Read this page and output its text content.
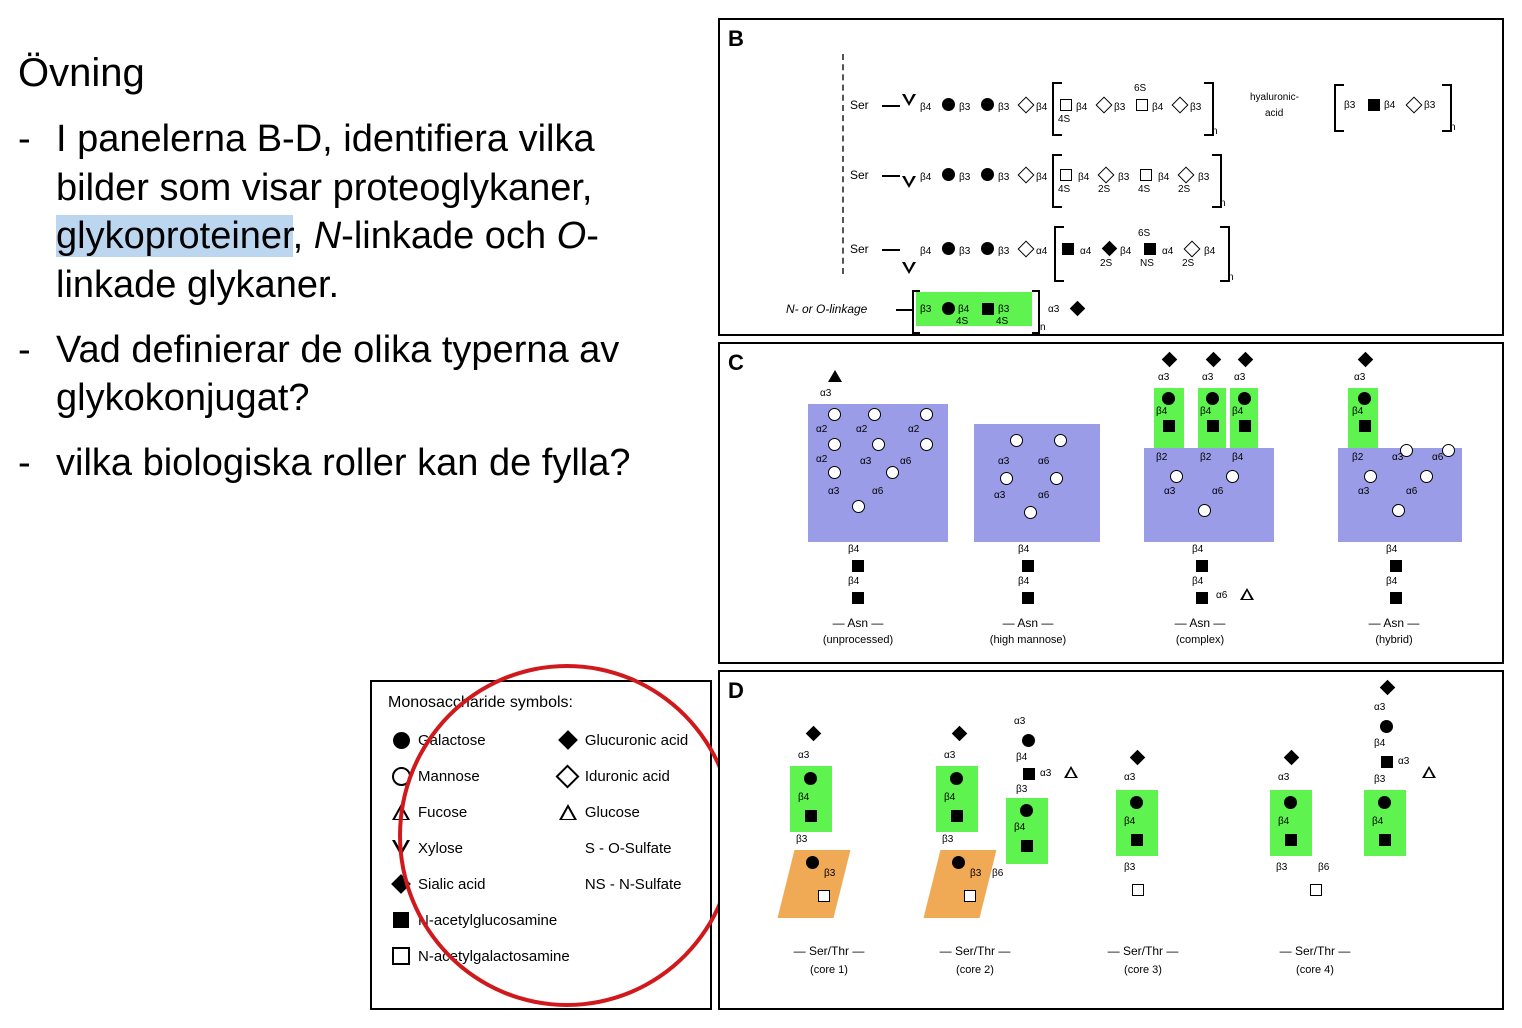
Övning
- I panelerna B-D, identifiera vilka bilder som visar proteoglykaner, glykoproteiner, N-linkade och O-linkade glykaner.
- Vad definierar de olika typerna av glykokonjugat?
- vilka biologiska roller kan de fylla?
Monosaccharide symbols:
Galactose
Mannose
Fucose
Xylose
Sialic acid
Glucuronic acid
Iduronic acid
Glucose
S - O-Sulfate
NS - N-Sulfate
N-acetylglucosamine
N-acetylgalactosamine
B
Ser	β4	β3	β3	β4
4S
β4	β3
6S
β4	β3
n
hyaluronic-
acid
β3	β4	β3
n
Ser	β4	β3	β3	β4
4S
β4
2S
β3
4S
β4
2S
β3
n
Ser	β4	β3	β3	α4	α4
2S
β4
NS
6S
α4
2S
β4
n
N- or O-linkage	β3	β4
4S
β3
4S
n
α3
C
α3
α2	α2	α2
α2	α3	α6
α3	α6
β4
β4
— Asn —
(unprocessed)
α3	α6
α3	α6
β4
β4
— Asn —
(high mannose)
α3	α3 α3
β4	β4 β4
β2	β2 β4
α3	α6
β4
β4
α6
— Asn —
(complex)
α3
β4
β2	α3	α6
α3	α6
β4
β4
— Asn —
(hybrid)
D
α3
β4
β3
β3
— Ser/Thr —
(core 1)
α3
β4
β3
β3 β6
α3
β4
α3
β3
β4
— Ser/Thr —
(core 2)
α3
β4
β3
— Ser/Thr —
(core 3)
α3
β4
β3	β6
α3
β4
α3
β3
β4
— Ser/Thr —
(core 4)
